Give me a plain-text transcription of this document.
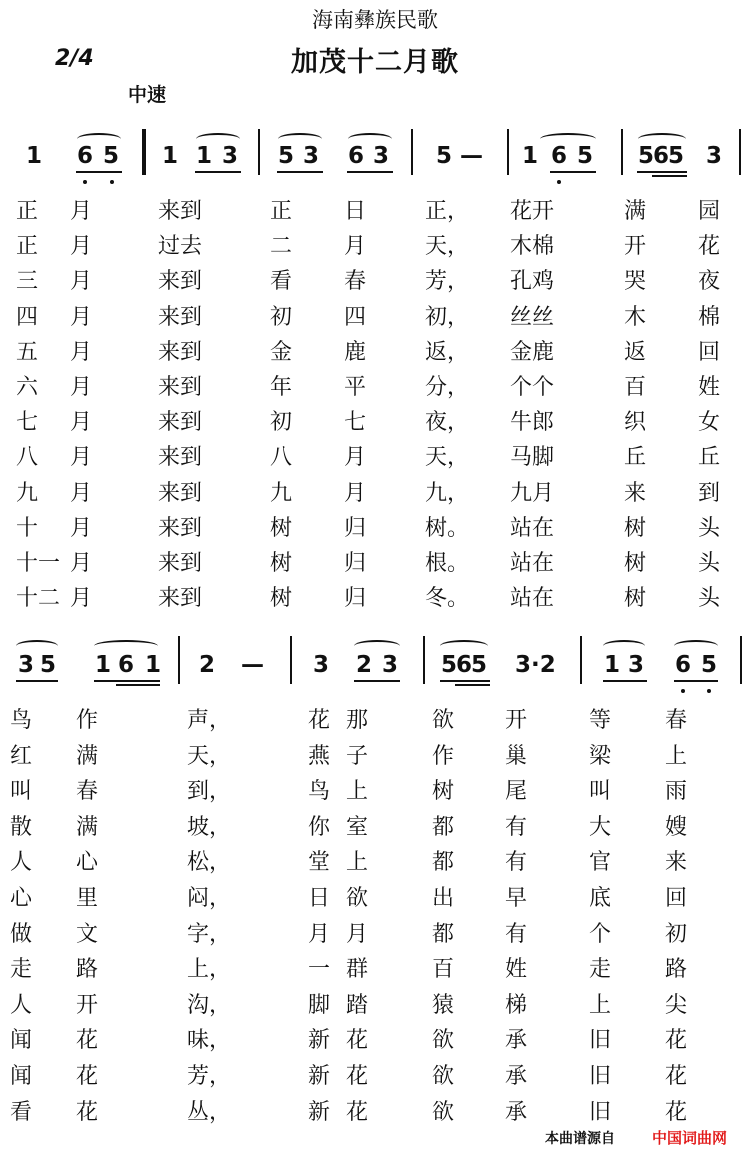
海南彝族民歌
加茂十二月歌
2/4
中速
1 6 5 1 1 3 5 3 6 3 5 — 1 6 5 5
6
5 3
正 月	来到	正 日	正， 花开	满 园
正 月	过去	二 月	天， 木棉	开 花
三 月	来到	看 春	芳， 孔鸡	哭 夜
四 月	来到	初 四	初， 丝丝	木 棉
五 月	来到	金 鹿	返， 金鹿	返 回
六 月	来到	年 平	分， 个个	百 姓
七 月	来到	初 七	夜， 牛郎	织 女
八 月	来到	八 月	天， 马脚	丘 丘
九 月	来到	九 月	九， 九月	来 到
十 月	来到	树 归	树。 站在	树 头
十一 月	来到	树 归	根。 站在	树 头
十二 月	来到	树 归	冬。 站在	树 头
3 5 1 6 1 2 — 3 2 3 5
6
5 3·2 1 3 6 5
鸟 作	声，	花 那	欲 开	等 春
红 满	天，	燕 子	作 巢	梁 上
叫 春	到，	鸟 上	树 尾	叫 雨
散 满	坡，	你 室	都 有	大 嫂
人 心	松，	堂 上	都 有	官 来
心 里	闷，	日 欲	出 早	底 回
做 文	字，	月 月	都 有	个 初
走 路	上，	一 群	百 姓	走 路
人 开	沟，	脚 踏	猿 梯	上 尖
闻 花	味，	新 花	欲 承	旧 花
闻 花	芳，	新 花	欲 承	旧 花
看 花	丛，	新 花	欲 承	旧 花
本曲谱源自 中国词曲网
